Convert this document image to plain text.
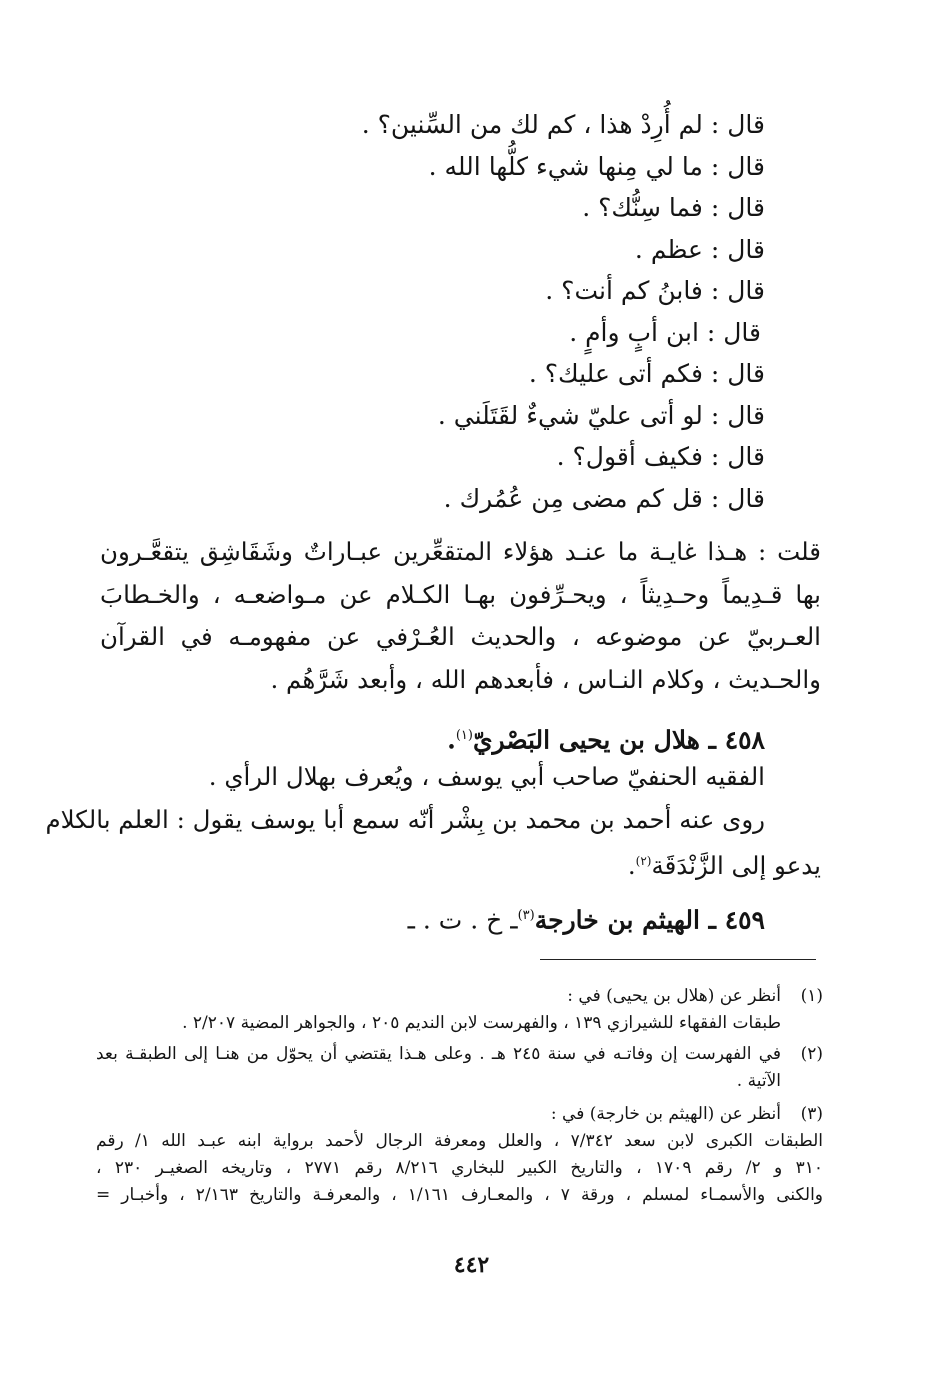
قال :لم أُرِدْ هذا ، كم لك من السِّنين؟ .
قال :ما لي مِنها شيء كلُّها الله .
قال :فما سِنُّك؟ .
قال :عظم .
قال :فابنُ كم أنت؟ .
قال :ابن أبٍ وأمٍ .
قال :فكم أتى عليك؟ .
قال :لو أتى عليّ شيءٌ لقَتَلَني .
قال :فكيف أقول؟ .
قال :قل كم مضى مِن عُمُرك .

قلت : هـذا غايـة ما عنـد هؤلاء المتقعِّرين عبـاراتٌ وشَقَاشِق يتقعَّـرون بها قـدِيماً وحـدِيثاً ، ويحـرِّفون بهـا الكـلام عن مـواضعـه ، والخـطابَ العـربيّ عن موضوعه ، والحديث العُـرْفي عن مفهومـه في القرآن والحـديث ، وكلام النـاس ، فأبعدهم الله ، وأبعد شَرَّهُم .

٤٥٨ ـ هلال بن يحيى البَصْريّ$^{(١)}$.
الفقيه الحنفيّ صاحب أبي يوسف ، ويُعرف بهلال الرأي .
روى عنه أحمد بن محمد بن بِشْر أنّه سمع أبا يوسف يقول : العلم بالكلام
يدعو إلى الزَّنْدَقَة$^{(٢)}$.
٤٥٩ ـ الهيثم بن خارجة$^{(٣)}$ـ خ . ت . ـ
(١)
أنظر عن (هلال بن يحيى) في :
طبقات الفقهاء للشيرازي ١٣٩ ، والفهرست لابن النديم ٢٠٥ ، والجواهر المضية ٢/٢٠٧ .
(٢)
في الفهرست إن وفاتـه في سنة ٢٤٥ هـ . وعلى هـذا يقتضي أن يحوّل من هنـا إلى الطبقـة بعد
الآتية .
(٣)
أنظر عن (الهيثم بن خارجة) في :
الطبقات الكبرى لابن سعد ٧/٣٤٢ ، والعلل ومعرفة الرجال لأحمد برواية ابنه عبـد الله ١/ رقم
٣١٠ و ٢/ رقم ١٧٠٩ ، والتاريخ الكبير للبخاري ٨/٢١٦ رقم ٢٧٧١ ، وتاريخه الصغيـر ٢٣٠ ،
والكنى والأسمـاء لمسلم ، ورقة ٧ ، والمعـارف ١/١٦١ ، والمعرفـة والتاريخ ٢/١٦٣ ، وأخبـار =
٤٤٢
